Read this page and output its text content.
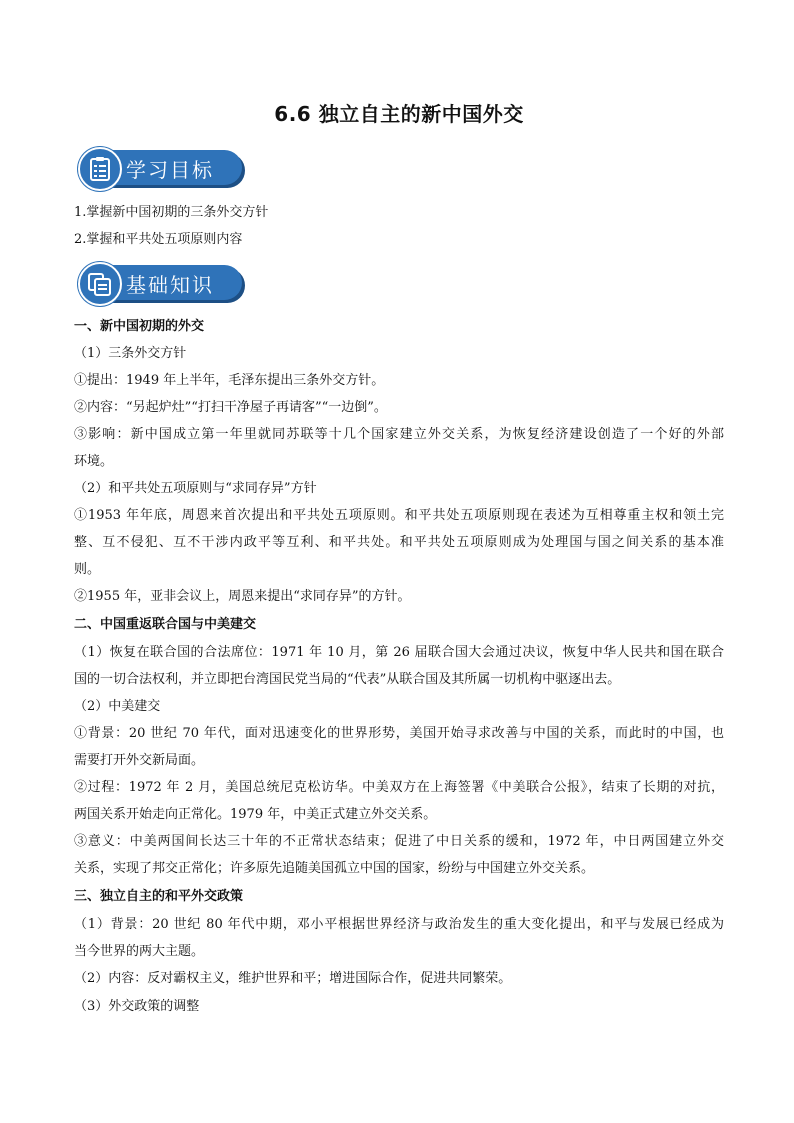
6.6 独立自主的新中国外交
学习目标
1.掌握新中国初期的三条外交方针
2.掌握和平共处五项原则内容
基础知识
一、新中国初期的外交
（1）三条外交方针
①提出：1949 年上半年，毛泽东提出三条外交方针。
②内容：“另起炉灶”“打扫干净屋子再请客”“一边倒”。
③影响：新中国成立第一年里就同苏联等十几个国家建立外交关系，为恢复经济建设创造了一个好的外部
环境。
（2）和平共处五项原则与“求同存异”方针
①1953 年年底，周恩来首次提出和平共处五项原则。和平共处五项原则现在表述为互相尊重主权和领土完
整、互不侵犯、互不干涉内政平等互利、和平共处。和平共处五项原则成为处理国与国之间关系的基本准
则。
②1955 年，亚非会议上，周恩来提出“求同存异”的方针。
二、中国重返联合国与中美建交
（1）恢复在联合国的合法席位：1971 年 10 月，第 26 届联合国大会通过决议，恢复中华人民共和国在联合
国的一切合法权利，并立即把台湾国民党当局的“代表”从联合国及其所属一切机构中驱逐出去。
（2）中美建交
①背景：20 世纪 70 年代，面对迅速变化的世界形势，美国开始寻求改善与中国的关系，而此时的中国，也
需要打开外交新局面。
②过程：1972 年 2 月，美国总统尼克松访华。中美双方在上海签署《中美联合公报》，结束了长期的对抗，
两国关系开始走向正常化。1979 年，中美正式建立外交关系。
③意义：中美两国间长达三十年的不正常状态结束；促进了中日关系的缓和，1972 年，中日两国建立外交
关系，实现了邦交正常化；许多原先追随美国孤立中国的国家，纷纷与中国建立外交关系。
三、独立自主的和平外交政策
（1）背景：20 世纪 80 年代中期，邓小平根据世界经济与政治发生的重大变化提出，和平与发展已经成为
当今世界的两大主题。
（2）内容：反对霸权主义，维护世界和平；增进国际合作，促进共同繁荣。
（3）外交政策的调整
